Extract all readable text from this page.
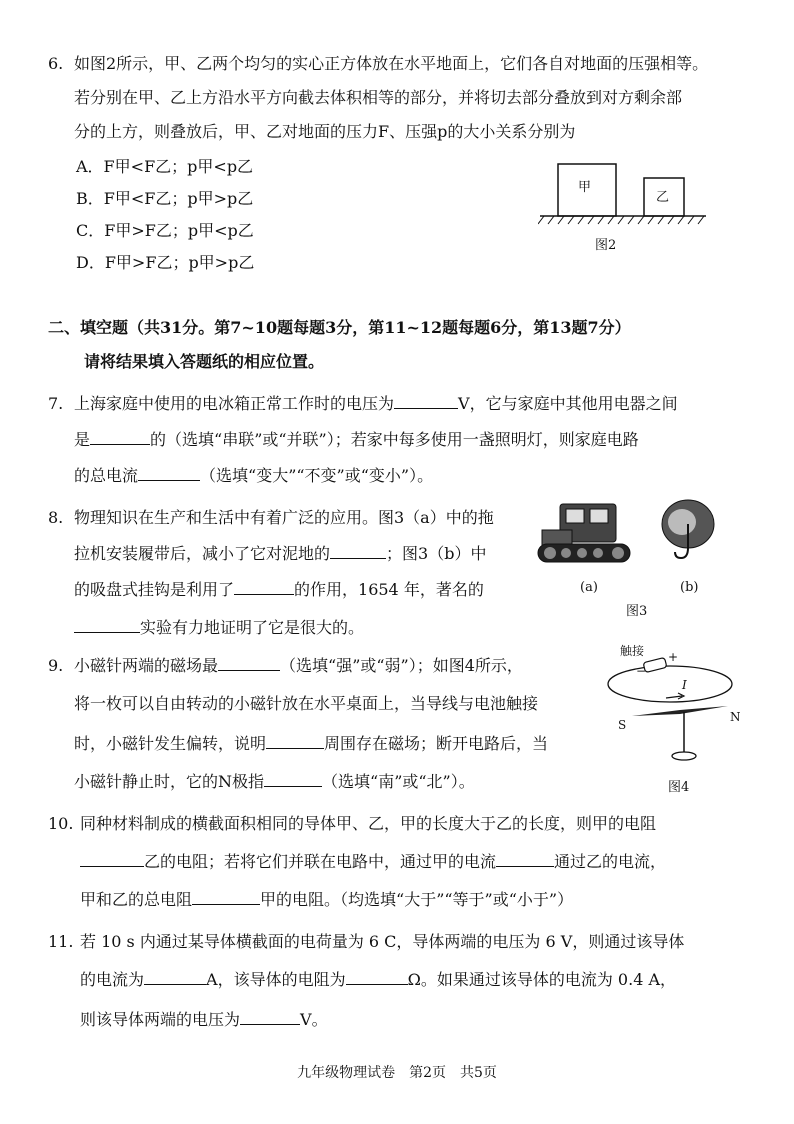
6. 如图2所示，甲、乙两个均匀的实心正方体放在水平地面上，它们各自对地面的压强相等。
若分别在甲、乙上方沿水平方向截去体积相等的部分，并将切去部分叠放到对方剩余部
分的上方，则叠放后，甲、乙对地面的压力F、压强p的大小关系分别为
A．F甲<F乙；p甲<p乙
B．F甲<F乙；p甲>p乙
C．F甲>F乙；p甲<p乙
D．F甲>F乙；p甲>p乙
甲
乙
图2
二、填空题（共31分。第7~10题每题3分，第11~12题每题6分，第13题7分）
请将结果填入答题纸的相应位置。
7. 上海家庭中使用的电冰箱正常工作时的电压为	V，它与家庭中其他用电器之间
是	的（选填“串联”或“并联”）；若家中每多使用一盏照明灯，则家庭电路
的总电流	（选填“变大”“不变”或“变小”）。
8. 物理知识在生产和生活中有着广泛的应用。图3（a）中的拖
拉机安装履带后，减小了它对泥地的	；图3（b）中
的吸盘式挂钩是利用了	的作用，1654 年，著名的
实验有力地证明了它是很大的。
(a)	(b)
图3
9. 小磁针两端的磁场最	（选填“强”或“弱”）；如图4所示，
将一枚可以自由转动的小磁针放在水平桌面上，当导线与电池触接
时，小磁针发生偏转，说明	周围存在磁场；断开电路后，当
小磁针静止时，它的N极指	（选填“南”或“北”）。
触接 +
−
I
S
N
图4
10. 同种材料制成的横截面积相同的导体甲、乙，甲的长度大于乙的长度，则甲的电阻
乙的电阻；若将它们并联在电路中，通过甲的电流	通过乙的电流，
甲和乙的总电阻	甲的电阻。（均选填“大于”“等于”或“小于”）
11. 若 10 s 内通过某导体横截面的电荷量为 6 C，导体两端的电压为 6 V，则通过该导体
的电流为	A，该导体的电阻为	Ω。如果通过该导体的电流为 0.4 A，
则该导体两端的电压为	V。
九年级物理试卷　第2页　共5页
